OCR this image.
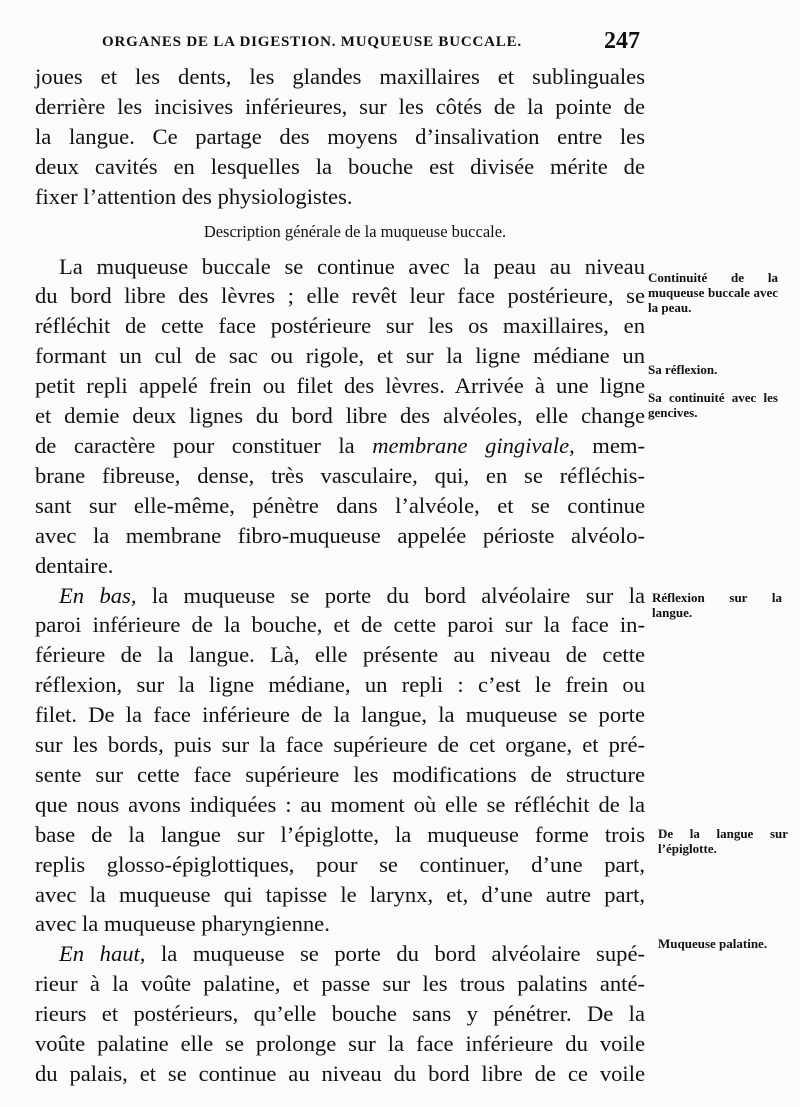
ORGANES DE LA DIGESTION. MUQUEUSE BUCCALE.	247
joues et les dents, les glandes maxillaires et sublinguales
derrière les incisives inférieures, sur les côtés de la pointe de
la langue. Ce partage des moyens d’insalivation entre les
deux cavités en lesquelles la bouche est divisée mérite de
fixer l’attention des physiologistes.
Description générale de la muqueuse buccale.
La muqueuse buccale se continue avec la peau au niveau
du bord libre des lèvres ; elle revêt leur face postérieure, se
réfléchit de cette face postérieure sur les os maxillaires, en
formant un cul de sac ou rigole, et sur la ligne médiane un
petit repli appelé frein ou filet des lèvres. Arrivée à une ligne
et demie deux lignes du bord libre des alvéoles, elle change
de caractère pour constituer la membrane gingivale, mem-
brane fibreuse, dense, très vasculaire, qui, en se réfléchis-
sant sur elle-même, pénètre dans l’alvéole, et se continue
avec la membrane fibro-muqueuse appelée périoste alvéolo-
dentaire.
En bas, la muqueuse se porte du bord alvéolaire sur la
paroi inférieure de la bouche, et de cette paroi sur la face in-
férieure de la langue. Là, elle présente au niveau de cette
réflexion, sur la ligne médiane, un repli : c’est le frein ou
filet. De la face inférieure de la langue, la muqueuse se porte
sur les bords, puis sur la face supérieure de cet organe, et pré-
sente sur cette face supérieure les modifications de structure
que nous avons indiquées : au moment où elle se réfléchit de la
base de la langue sur l’épiglotte, la muqueuse forme trois
replis glosso-épiglottiques, pour se continuer, d’une part,
avec la muqueuse qui tapisse le larynx, et, d’une autre part,
avec la muqueuse pharyngienne.
En haut, la muqueuse se porte du bord alvéolaire supé-
rieur à la voûte palatine, et passe sur les trous palatins anté-
rieurs et postérieurs, qu’elle bouche sans y pénétrer. De la
voûte palatine elle se prolonge sur la face inférieure du voile
du palais, et se continue au niveau du bord libre de ce voile
Continuité de la muqueuse buccale avec la peau.
Sa réflexion.
Sa continuité avec les gencives.
Réflexion sur la langue.
De la langue sur l’épiglotte.
Muqueuse palatine.
